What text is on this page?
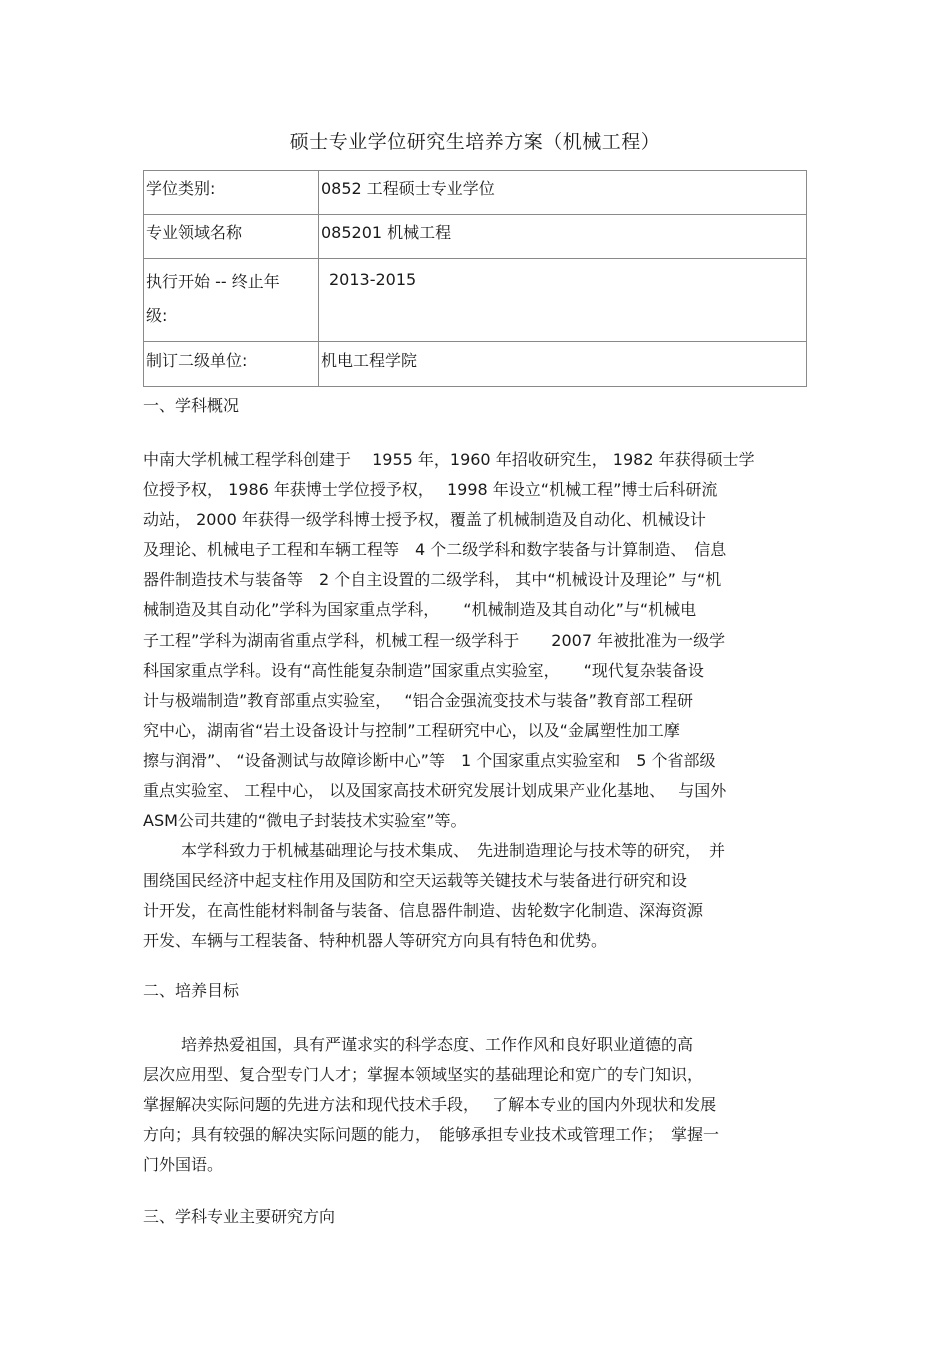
硕士专业学位研究生培养方案（机械工程）
学位类别:	0852 工程硕士专业学位
专业领域名称	085201 机械工程

执行开始 -- 终止年
级:	2013-2015
制订二级单位:	机电工程学院
一、学科概况
中南大学机械工程学科创建于　 1955 年，1960 年招收研究生， 1982 年获得硕士学
位授予权， 1986 年获博士学位授予权，　 1998 年设立“机械工程”博士后科研流
动站， 2000 年获得一级学科博士授予权，覆盖了机械制造及自动化、机械设计
及理论、机械电子工程和车辆工程等　4 个二级学科和数字装备与计算制造、　信息
器件制造技术与装备等　2 个自主设置的二级学科， 其中“机械设计及理论” 与“机
械制造及其自动化”学科为国家重点学科，　　“机械制造及其自动化”与“机械电
子工程”学科为湖南省重点学科，机械工程一级学科于　　2007 年被批准为一级学
科国家重点学科。设有“高性能复杂制造”国家重点实验室，　　“现代复杂装备设
计与极端制造”教育部重点实验室，　 “铝合金强流变技术与装备”教育部工程研
究中心，湖南省“岩土设备设计与控制”工程研究中心，以及“金属塑性加工摩
擦与润滑”、 “设备测试与故障诊断中心”等　1 个国家重点实验室和　5 个省部级
重点实验室、 工程中心， 以及国家高技术研究发展计划成果产业化基地、　 与国外
ASM公司共建的“微电子封装技术实验室”等。
本学科致力于机械基础理论与技术集成、　先进制造理论与技术等的研究，　并
围绕国民经济中起支柱作用及国防和空天运载等关键技术与装备进行研究和设
计开发，在高性能材料制备与装备、信息器件制造、齿轮数字化制造、深海资源
开发、车辆与工程装备、特种机器人等研究方向具有特色和优势。
二、培养目标
培养热爱祖国，具有严谨求实的科学态度、工作作风和良好职业道德的高
层次应用型、复合型专门人才；掌握本领域坚实的基础理论和宽广的专门知识，
掌握解决实际问题的先进方法和现代技术手段，　 了解本专业的国内外现状和发展
方向；具有较强的解决实际问题的能力，　能够承担专业技术或管理工作；　掌握一
门外国语。
三、学科专业主要研究方向
